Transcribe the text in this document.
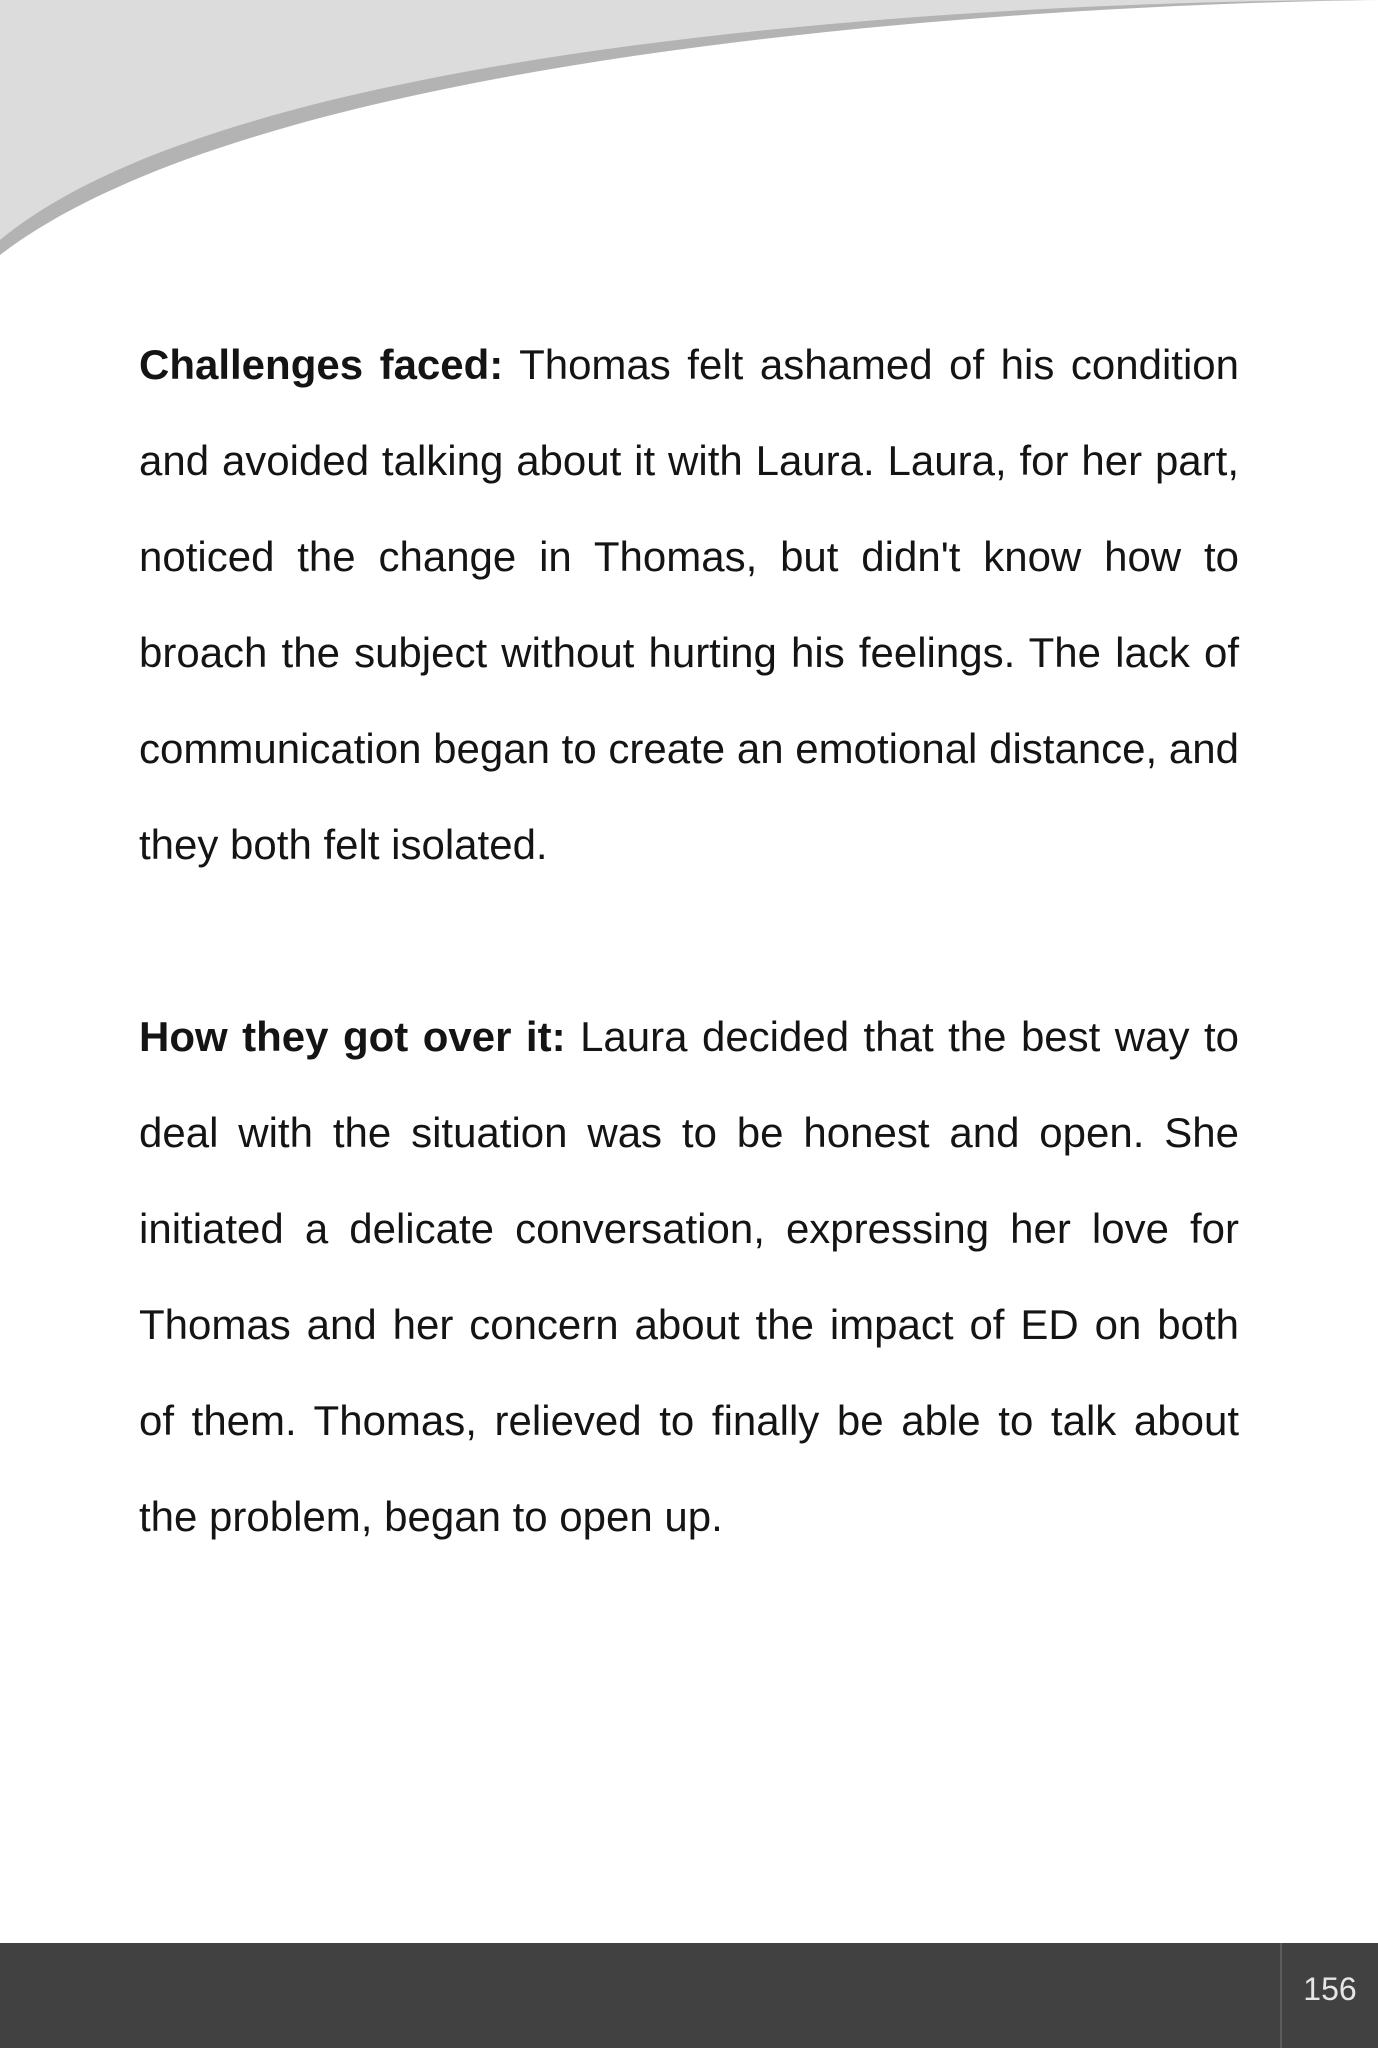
Challenges faced: Thomas felt ashamed of his condition and avoided talking about it with Laura. Laura, for her part, noticed the change in Thomas, but didn't know how to broach the subject without hurting his feelings. The lack of communication began to create an emotional distance, and they both felt isolated.

How they got over it: Laura decided that the best way to deal with the situation was to be honest and open. She initiated a delicate conversation, expressing her love for Thomas and her concern about the impact of ED on both of them. Thomas, relieved to finally be able to talk about the problem, began to open up.

156
